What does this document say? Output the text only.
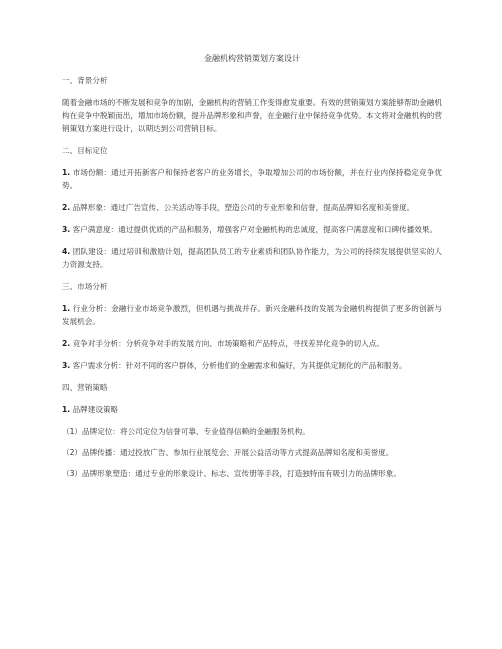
金融机构营销策划方案设计
一、背景分析
随着金融市场的不断发展和竞争的加剧，金融机构的营销工作变得愈发重要。有效的营销策划方案能够帮助金融机构在竞争中脱颖而出，增加市场份额，提升品牌形象和声誉，在金融行业中保持竞争优势。本文将对金融机构的营销策划方案进行设计，以期达到公司营销目标。
二、目标定位
1. 市场份额：通过开拓新客户和保持老客户的业务增长，争取增加公司的市场份额，并在行业内保持稳定竞争优势。
2. 品牌形象：通过广告宣传、公关活动等手段，塑造公司的专业形象和信誉，提高品牌知名度和美誉度。
3. 客户满意度：通过提供优质的产品和服务，增强客户对金融机构的忠诚度，提高客户满意度和口碑传播效果。
4. 团队建设：通过培训和激励计划，提高团队员工的专业素质和团队协作能力，为公司的持续发展提供坚实的人力资源支持。
三、市场分析
1. 行业分析：金融行业市场竞争激烈，但机遇与挑战并存。新兴金融科技的发展为金融机构提供了更多的创新与发展机会。
2. 竞争对手分析：分析竞争对手的发展方向、市场策略和产品特点，寻找差异化竞争的切入点。
3. 客户需求分析：针对不同的客户群体，分析他们的金融需求和偏好，为其提供定制化的产品和服务。
四、营销策略
1. 品牌建设策略
（1）品牌定位：将公司定位为信誉可靠、专业值得信赖的金融服务机构。
（2）品牌传播：通过投放广告、参加行业展览会、开展公益活动等方式提高品牌知名度和美誉度。
（3）品牌形象塑造：通过专业的形象设计、标志、宣传册等手段，打造独特而有吸引力的品牌形象。
